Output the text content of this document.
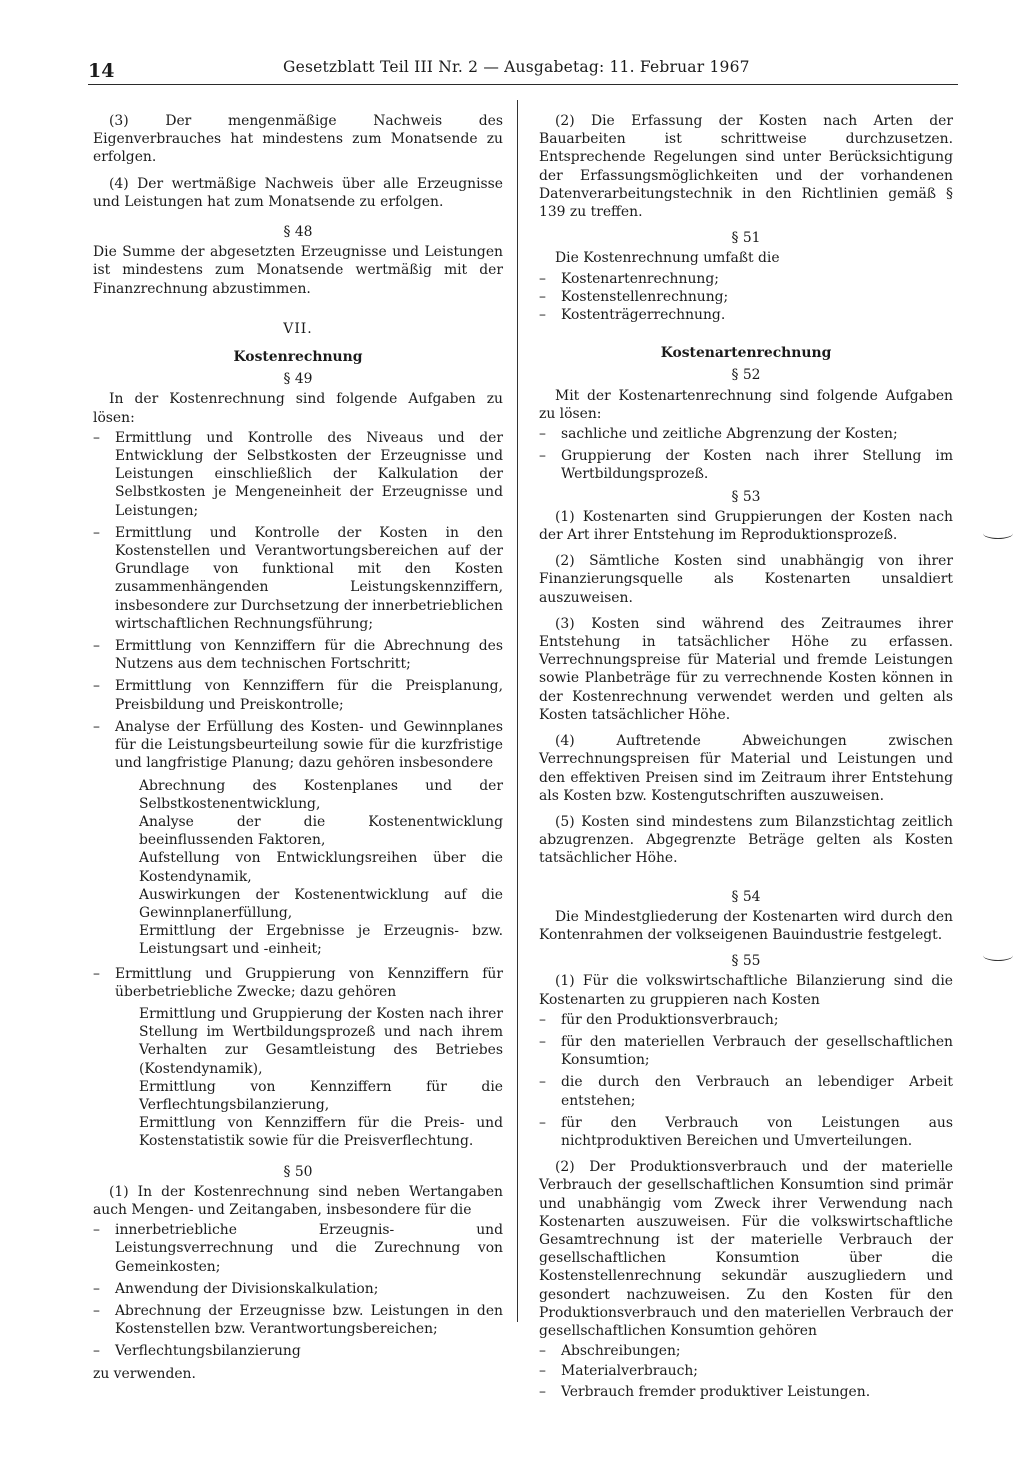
14	Gesetzblatt Teil III Nr. 2 — Ausgabetag: 11. Februar 1967

(3) Der mengenmäßige Nachweis des Eigenverbrauches hat mindestens zum Monatsende zu erfolgen.

(4) Der wertmäßige Nachweis über alle Erzeugnisse und Leistungen hat zum Monatsende zu erfolgen.

§ 48

Die Summe der abgesetzten Erzeugnisse und Leistungen ist mindestens zum Monatsende wertmäßig mit der Finanzrechnung abzustimmen.

VII.
Kostenrechnung
§ 49

In der Kostenrechnung sind folgende Aufgaben zu lösen:

– Ermittlung und Kontrolle des Niveaus und der Entwicklung der Selbstkosten der Erzeugnisse und Leistungen einschließlich der Kalkulation der Selbstkosten je Mengeneinheit der Erzeugnisse und Leistungen;
– Ermittlung und Kontrolle der Kosten in den Kostenstellen und Verantwortungsbereichen auf der Grundlage von funktional mit den Kosten zusammenhängenden Leistungskennziffern, insbesondere zur Durchsetzung der innerbetrieblichen wirtschaftlichen Rechnungsführung;
– Ermittlung von Kennziffern für die Abrechnung des Nutzens aus dem technischen Fortschritt;
– Ermittlung von Kennziffern für die Preisplanung, Preisbildung und Preiskontrolle;
– Analyse der Erfüllung des Kosten- und Gewinnplanes für die Leistungsbeurteilung sowie für die kurzfristige und langfristige Planung; dazu gehören insbesondere
Abrechnung des Kostenplanes und der Selbstkostenentwicklung,
Analyse der die Kostenentwicklung beeinflussenden Faktoren,
Aufstellung von Entwicklungsreihen über die Kostendynamik,
Auswirkungen der Kostenentwicklung auf die Gewinnplanerfüllung,
Ermittlung der Ergebnisse je Erzeugnis- bzw. Leistungsart und -einheit;
– Ermittlung und Gruppierung von Kennziffern für überbetriebliche Zwecke; dazu gehören
Ermittlung und Gruppierung der Kosten nach ihrer Stellung im Wertbildungsprozeß und nach ihrem Verhalten zur Gesamtleistung des Betriebes (Kostendynamik),
Ermittlung von Kennziffern für die Verflechtungsbilanzierung,
Ermittlung von Kennziffern für die Preis- und Kostenstatistik sowie für die Preisverflechtung.
§ 50

(1) In der Kostenrechnung sind neben Wertangaben auch Mengen- und Zeitangaben, insbesondere für die

– innerbetriebliche Erzeugnis- und Leistungsverrechnung und die Zurechnung von Gemeinkosten;
– Anwendung der Divisionskalkulation;
– Abrechnung der Erzeugnisse bzw. Leistungen in den Kostenstellen bzw. Verantwortungsbereichen;
– Verflechtungsbilanzierung

zu verwenden.

(2) Die Erfassung der Kosten nach Arten der Bauarbeiten ist schrittweise durchzusetzen. Entsprechende Regelungen sind unter Berücksichtigung der Erfassungsmöglichkeiten und der vorhandenen Datenverarbeitungstechnik in den Richtlinien gemäß § 139 zu treffen.

§ 51

Die Kostenrechnung umfaßt die

– Kostenartenrechnung;
– Kostenstellenrechnung;
– Kostenträgerrechnung.
Kostenartenrechnung
§ 52

Mit der Kostenartenrechnung sind folgende Aufgaben zu lösen:

– sachliche und zeitliche Abgrenzung der Kosten;
– Gruppierung der Kosten nach ihrer Stellung im Wertbildungsprozeß.
§ 53

(1) Kostenarten sind Gruppierungen der Kosten nach der Art ihrer Entstehung im Reproduktionsprozeß.

(2) Sämtliche Kosten sind unabhängig von ihrer Finanzierungsquelle als Kostenarten unsaldiert auszuweisen.

(3) Kosten sind während des Zeitraumes ihrer Entstehung in tatsächlicher Höhe zu erfassen. Verrechnungspreise für Material und fremde Leistungen sowie Planbeträge für zu verrechnende Kosten können in der Kostenrechnung verwendet werden und gelten als Kosten tatsächlicher Höhe.

(4) Auftretende Abweichungen zwischen Verrechnungspreisen für Material und Leistungen und den effektiven Preisen sind im Zeitraum ihrer Entstehung als Kosten bzw. Kostengutschriften auszuweisen.

(5) Kosten sind mindestens zum Bilanzstichtag zeitlich abzugrenzen. Abgegrenzte Beträge gelten als Kosten tatsächlicher Höhe.

§ 54

Die Mindestgliederung der Kostenarten wird durch den Kontenrahmen der volkseigenen Bauindustrie festgelegt.

§ 55

(1) Für die volkswirtschaftliche Bilanzierung sind die Kostenarten zu gruppieren nach Kosten

– für den Produktionsverbrauch;
– für den materiellen Verbrauch der gesellschaftlichen Konsumtion;
– die durch den Verbrauch an lebendiger Arbeit entstehen;
– für den Verbrauch von Leistungen aus nichtproduktiven Bereichen und Umverteilungen.

(2) Der Produktionsverbrauch und der materielle Verbrauch der gesellschaftlichen Konsumtion sind primär und unabhängig vom Zweck ihrer Verwendung nach Kostenarten auszuweisen. Für die volkswirtschaftliche Gesamtrechnung ist der materielle Verbrauch der gesellschaftlichen Konsumtion über die Kostenstellenrechnung sekundär auszugliedern und gesondert nachzuweisen. Zu den Kosten für den Produktionsverbrauch und den materiellen Verbrauch der gesellschaftlichen Konsumtion gehören

– Abschreibungen;
– Materialverbrauch;
– Verbrauch fremder produktiver Leistungen.
